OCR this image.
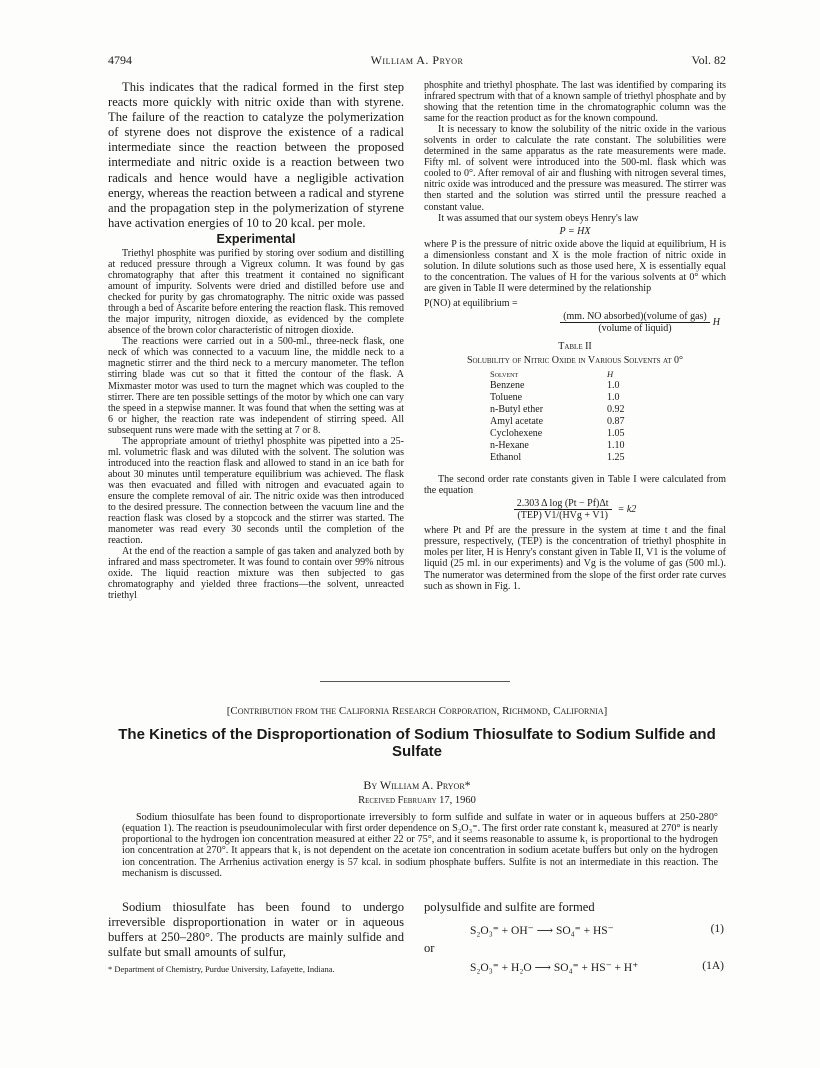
4794	William A. Pryor	Vol. 82

This indicates that the radical formed in the first step reacts more quickly with nitric oxide than with styrene. The failure of the reaction to catalyze the polymerization of styrene does not disprove the existence of a radical intermediate since the reaction between the proposed intermediate and nitric oxide is a reaction between two radicals and hence would have a negligible activation energy, whereas the reaction between a radical and styrene and the propagation step in the polymerization of styrene have activation energies of 10 to 20 kcal. per mole.

Experimental

Triethyl phosphite was purified by storing over sodium and distilling at reduced pressure through a Vigreux column. It was found by gas chromatography that after this treatment it contained no significant amount of impurity. Solvents were dried and distilled before use and checked for purity by gas chromatography. The nitric oxide was passed through a bed of Ascarite before entering the reaction flask. This removed the major impurity, nitrogen dioxide, as evidenced by the complete absence of the brown color characteristic of nitrogen dioxide.

The reactions were carried out in a 500-ml., three-neck flask, one neck of which was connected to a vacuum line, the middle neck to a magnetic stirrer and the third neck to a mercury manometer. The teflon stirring blade was cut so that it fitted the contour of the flask. A Mixmaster motor was used to turn the magnet which was coupled to the stirrer. There are ten possible settings of the motor by which one can vary the speed in a stepwise manner. It was found that when the setting was at 6 or higher, the reaction rate was independent of stirring speed. All subsequent runs were made with the setting at 7 or 8.

The appropriate amount of triethyl phosphite was pipetted into a 25-ml. volumetric flask and was diluted with the solvent. The solution was introduced into the reaction flask and allowed to stand in an ice bath for about 30 minutes until temperature equilibrium was achieved. The flask was then evacuated and filled with nitrogen and evacuated again to ensure the complete removal of air. The nitric oxide was then introduced to the desired pressure. The connection between the vacuum line and the reaction flask was closed by a stopcock and the stirrer was started. The manometer was read every 30 seconds until the completion of the reaction.

At the end of the reaction a sample of gas taken and analyzed both by infrared and mass spectrometer. It was found to contain over 99% nitrous oxide. The liquid reaction mixture was then subjected to gas chromatography and yielded three fractions—the solvent, unreacted triethyl

phosphite and triethyl phosphate. The last was identified by comparing its infrared spectrum with that of a known sample of triethyl phosphate and by showing that the retention time in the chromatographic column was the same for the reaction product as for the known compound.

It is necessary to know the solubility of the nitric oxide in the various solvents in order to calculate the rate constant. The solubilities were determined in the same apparatus as the rate measurements were made. Fifty ml. of solvent were introduced into the 500-ml. flask which was cooled to 0°. After removal of air and flushing with nitrogen several times, nitric oxide was introduced and the pressure was measured. The stirrer was then started and the solution was stirred until the pressure reached a constant value.

It was assumed that our system obeys Henry's law

P = HX

where P is the pressure of nitric oxide above the liquid at equilibrium, H is a dimensionless constant and X is the mole fraction of nitric oxide in solution. In dilute solutions such as those used here, X is essentially equal to the concentration. The values of H for the various solvents at 0° which are given in Table II were determined by the relationship

P(NO) at equilibrium =
$\frac{\text{(mm. NO absorbed)(volume of gas)}}{\text{(volume of liquid)}}$ H
Table II
Solubility of Nitric Oxide in Various Solvents at 0°
Solvent	H
Benzene	1.0
Toluene	1.0
n-Butyl ether	0.92
Amyl acetate	0.87
Cyclohexene	1.05
n-Hexane	1.10
Ethanol	1.25

The second order rate constants given in Table I were calculated from the equation

$\frac{\text{2.303 Δ log (Pt − Pf)Δt}}{\text{(TEP) V1/(HVg + V1)}} = k2$

where Pt and Pf are the pressure in the system at time t and the final pressure, respectively, (TEP) is the concentration of triethyl phosphite in moles per liter, H is Henry's constant given in Table II, V1 is the volume of liquid (25 ml. in our experiments) and Vg is the volume of gas (500 ml.). The numerator was determined from the slope of the first order rate curves such as shown in Fig. 1.

[Contribution from the California Research Corporation, Richmond, California]
The Kinetics of the Disproportionation of Sodium Thiosulfate to Sodium Sulfide and Sulfate
By William A. Pryor*
Received February 17, 1960
Sodium thiosulfate has been found to disproportionate irreversibly to form sulfide and sulfate in water or in aqueous buffers at 250-280° (equation 1). The reaction is pseudounimolecular with first order dependence on S₂O₃⁼. The first order rate constant k₁ measured at 270° is nearly proportional to the hydrogen ion concentration measured at either 22 or 75°, and it seems reasonable to assume k₁ is proportional to the hydrogen ion concentration at 270°. It appears that k₁ is not dependent on the acetate ion concentration in sodium acetate buffers but only on the hydrogen ion concentration. The Arrhenius activation energy is 57 kcal. in sodium phosphate buffers. Sulfite is not an intermediate in this reaction. The mechanism is discussed.

Sodium thiosulfate has been found to undergo irreversible disproportionation in water or in aqueous buffers at 250–280°. The products are mainly sulfide and sulfate but small amounts of sulfur,

* Department of Chemistry, Purdue University, Lafayette, Indiana.

polysulfide and sulfite are formed

S₂O₃⁼ + OH⁻ ⟶ SO₄⁼ + HS⁻	(1)
or
S₂O₃⁼ + H₂O ⟶ SO₄⁼ + HS⁻ + H⁺	(1A)
